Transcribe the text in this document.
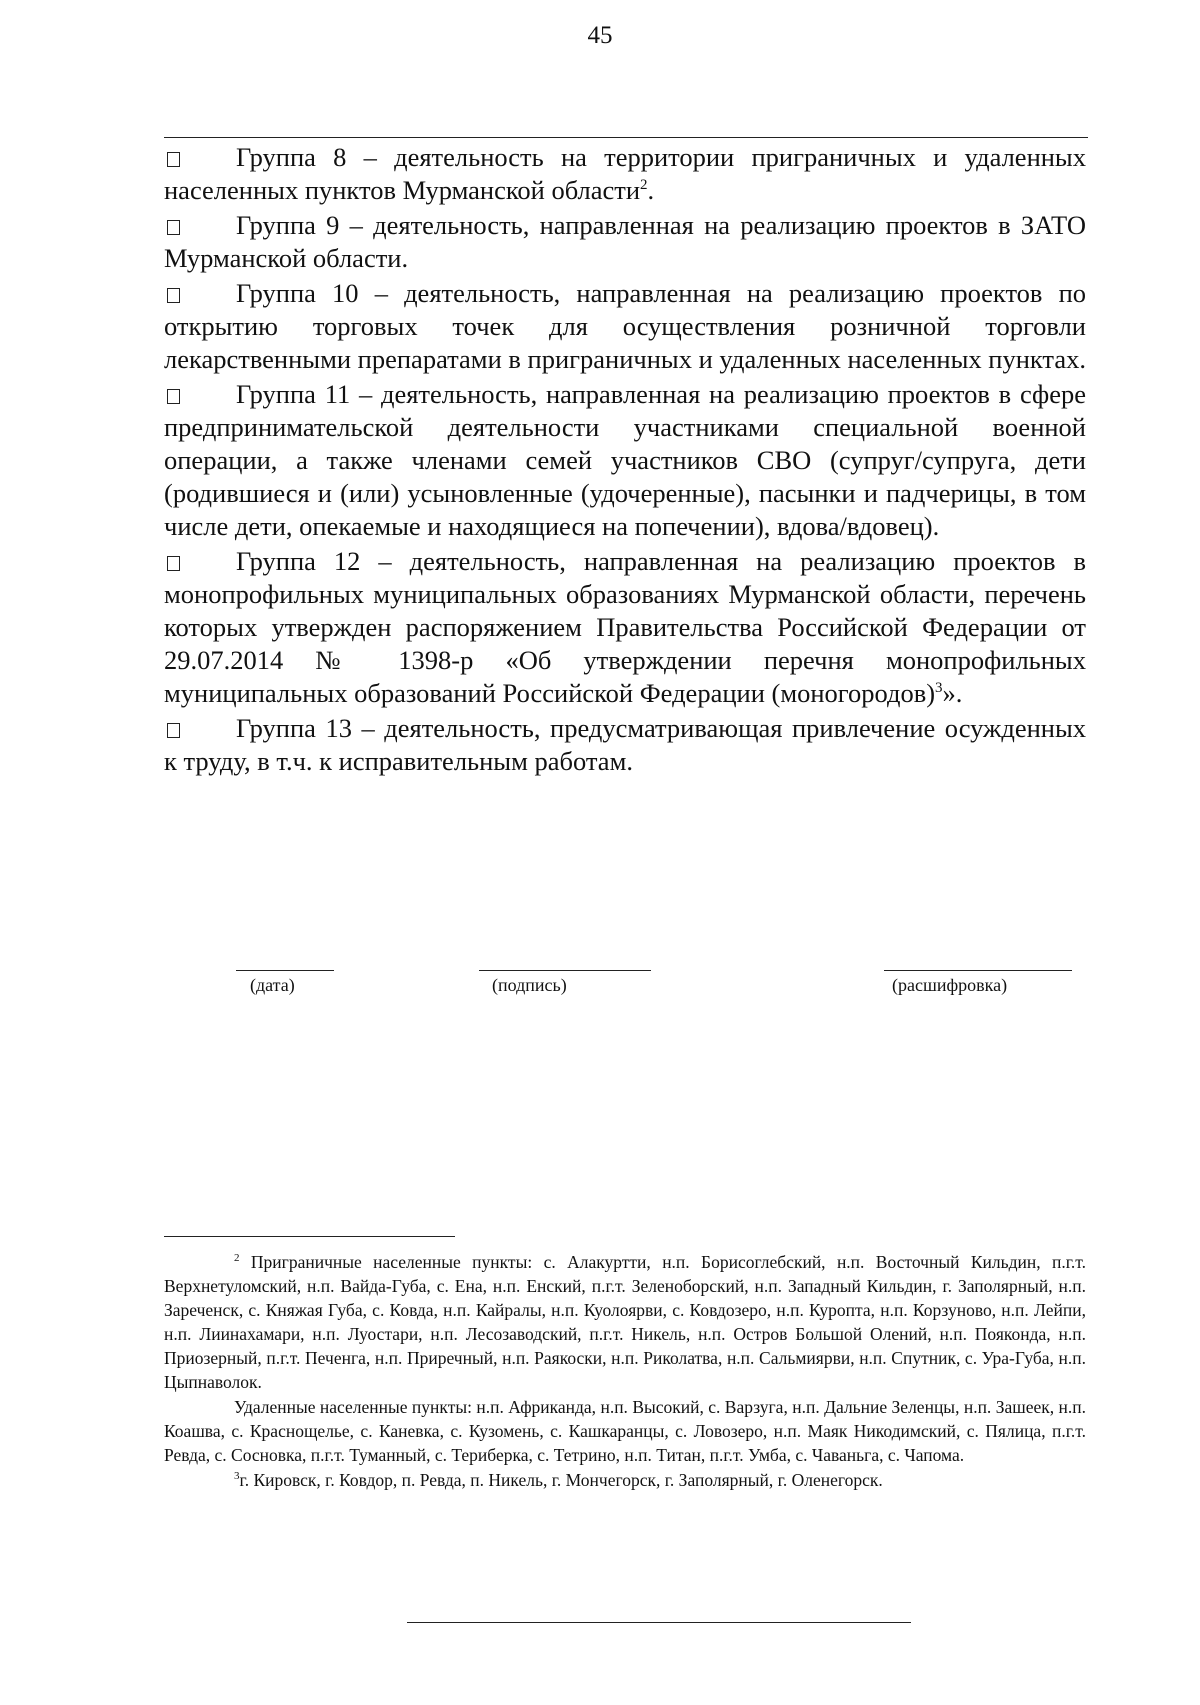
45

Группа 8 – деятельность на территории приграничных и удаленных населенных пунктов Мурманской области$^2$.

Группа 9 – деятельность, направленная на реализацию проектов в ЗАТО Мурманской области.

Группа 10 – деятельность, направленная на реализацию проектов по открытию торговых точек для осуществления розничной торговли лекарственными препаратами в приграничных и удаленных населенных пунктах.

Группа 11 – деятельность, направленная на реализацию проектов в сфере предпринимательской деятельности участниками специальной военной операции, а также членами семей участников СВО (супруг/супруга, дети (родившиеся и (или) усыновленные (удочеренные), пасынки и падчерицы, в том числе дети, опекаемые и находящиеся на попечении), вдова/вдовец).

Группа 12 – деятельность, направленная на реализацию проектов в монопрофильных муниципальных образованиях Мурманской области, перечень которых утвержден распоряжением Правительства Российской Федерации от 29.07.2014 № 1398-р «Об утверждении перечня монопрофильных муниципальных образований Российской Федерации (моногородов)$^3$».

Группа 13 – деятельность, предусматривающая привлечение осужденных к труду, в т.ч. к исправительным работам.

(дата)	(подпись)	(расшифровка)

$^2$ Приграничные населенные пункты: с. Алакуртти, н.п. Борисоглебский, н.п. Восточный Кильдин, п.г.т. Верхнетуломский, н.п. Вайда-Губа, с. Ена, н.п. Енский, п.г.т. Зеленоборский, н.п. Западный Кильдин, г. Заполярный, н.п. Зареченск, с. Княжая Губа, с. Ковда, н.п. Кайралы, н.п. Куолоярви, с. Ковдозеро, н.п. Куропта, н.п. Корзуново, н.п. Лейпи, н.п. Лиинахамари, н.п. Луостари, н.п. Лесозаводский, п.г.т. Никель, н.п. Остров Большой Олений, н.п. Пояконда, н.п. Приозерный, п.г.т. Печенга, н.п. Приречный, н.п. Раякоски, н.п. Риколатва, н.п. Сальмиярви, н.п. Спутник, с. Ура-Губа, н.п. Цыпнаволок.

Удаленные населенные пункты: н.п. Африканда, н.п. Высокий, с. Варзуга, н.п. Дальние Зеленцы, н.п. Зашеек, н.п. Коашва, с. Краснощелье, с. Каневка, с. Кузомень, с. Кашкаранцы, с. Ловозеро, н.п. Маяк Никодимский, с. Пялица, п.г.т. Ревда, с. Сосновка, п.г.т. Туманный, с. Териберка, с. Тетрино, н.п. Титан, п.г.т. Умба, с. Чаваньга, с. Чапома.

$^3$г. Кировск, г. Ковдор, п. Ревда, п. Никель, г. Мончегорск, г. Заполярный, г. Оленегорск.
